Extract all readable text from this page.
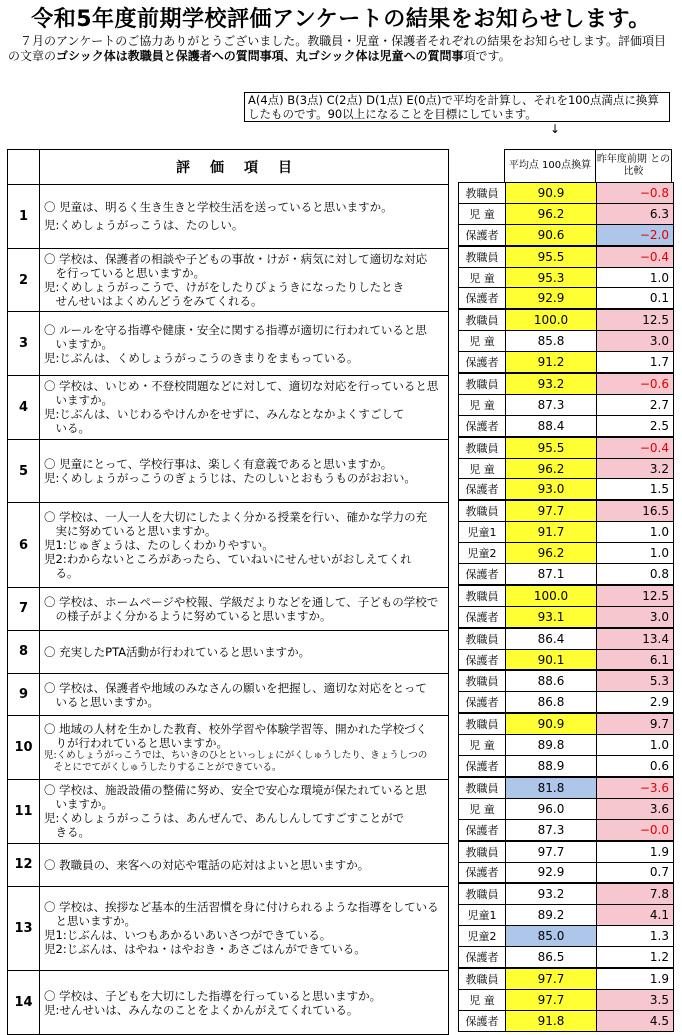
令和5年度前期学校評価アンケートの結果をお知らせします。
　７月のアンケートのご協力ありがとうございました。教職員・児童・保護者それぞれの結果をお知らせします。評価項目の文章のゴシック体は教職員と保護者への質問事項、丸ゴシック体は児童への質問事項です。
A(4点) B(3点) C(2点) D(1点) E(0点)で平均を計算し、それを100点満点に換算したものです。90以上になることを目標にしています。
↓
	評価項目
1	〇 児童は、明るく生き生きと学校生活を送っていると思いますか。
児:くめしょうがっこうは、たのしい。

2	〇 学校は、保護者の相談や子どもの事故・けが・病気に対して適切な対応
　を行っていると思いますか。
児:くめしょうがっこうで、けがをしたりびょうきになったりしたとき
　せんせいはよくめんどうをみてくれる。

3	〇 ルールを守る指導や健康・安全に関する指導が適切に行われていると思
　いますか。
児:じぶんは、くめしょうがっこうのきまりをまもっている。

4	〇 学校は、いじめ・不登校問題などに対して、適切な対応を行っていると思
　いますか。
児:じぶんは、いじわるやけんかをせずに、みんなとなかよくすごして
　いる。

5	〇 児童にとって、学校行事は、楽しく有意義であると思いますか。
児:くめしょうがっこうのぎょうじは、たのしいとおもうものがおおい。

6	〇 学校は、一人一人を大切にしたよく分かる授業を行い、確かな学力の充
　実に努めていると思いますか。
児1:じゅぎょうは、たのしくわかりやすい。
児2:わからないところがあったら、ていねいにせんせいがおしえてくれ
　る。

7	〇 学校は、ホームページや校報、学級だよりなどを通して、子どもの学校で
　の様子がよく分かるように努めていると思いますか。

8	〇 充実したPTA活動が行われていると思いますか。

9	〇 学校は、保護者や地域のみなさんの願いを把握し、適切な対応をとって
　いると思いますか。

10	〇 地域の人材を生かした教育、校外学習や体験学習等、開かれた学校づく
　りが行われていると思いますか。
児:くめしょうがっこうでは、ちいきのひとといっしょにがくしゅうしたり、きょうしつの
　そとにでてがくしゅうしたりすることができている。

11	〇 学校は、施設設備の整備に努め、安全で安心な環境が保たれていると思
　いますか。
児:くめしょうがっこうは、あんぜんで、あんしんしてすごすことがで
　きる。

12	〇 教職員の、来客への対応や電話の応対はよいと思いますか。

13	〇 学校は、挨拶など基本的生活習慣を身に付けられるような指導をしている
　と思いますか。
児1:じぶんは、いつもあかるいあいさつができている。
児2:じぶんは、はやね・はやおき・あさごはんができている。

14	〇 学校は、子どもを大切にした指導を行っていると思いますか。
児:せんせいは、みんなのことをよくかんがえてくれている。
平均点 100点換算
昨年度前期 との比較
教職員	90.9	−0.8
児 童	96.2	6.3
保護者	90.6	−2.0
教職員	95.5	−0.4
児 童	95.3	1.0
保護者	92.9	0.1
教職員	100.0	12.5
児 童	85.8	3.0
保護者	91.2	1.7
教職員	93.2	−0.6
児 童	87.3	2.7
保護者	88.4	2.5
教職員	95.5	−0.4
児 童	96.2	3.2
保護者	93.0	1.5
教職員	97.7	16.5
児童1	91.7	1.0
児童2	96.2	1.0
保護者	87.1	0.8
教職員	100.0	12.5
保護者	93.1	3.0
教職員	86.4	13.4
保護者	90.1	6.1
教職員	88.6	5.3
保護者	86.8	2.9
教職員	90.9	9.7
児 童	89.8	1.0
保護者	88.9	0.6
教職員	81.8	−3.6
児 童	96.0	3.6
保護者	87.3	−0.0
教職員	97.7	1.9
保護者	92.9	0.7
教職員	93.2	7.8
児童1	89.2	4.1
児童2	85.0	1.3
保護者	86.5	1.2
教職員	97.7	1.9
児 童	97.7	3.5
保護者	91.8	4.5
